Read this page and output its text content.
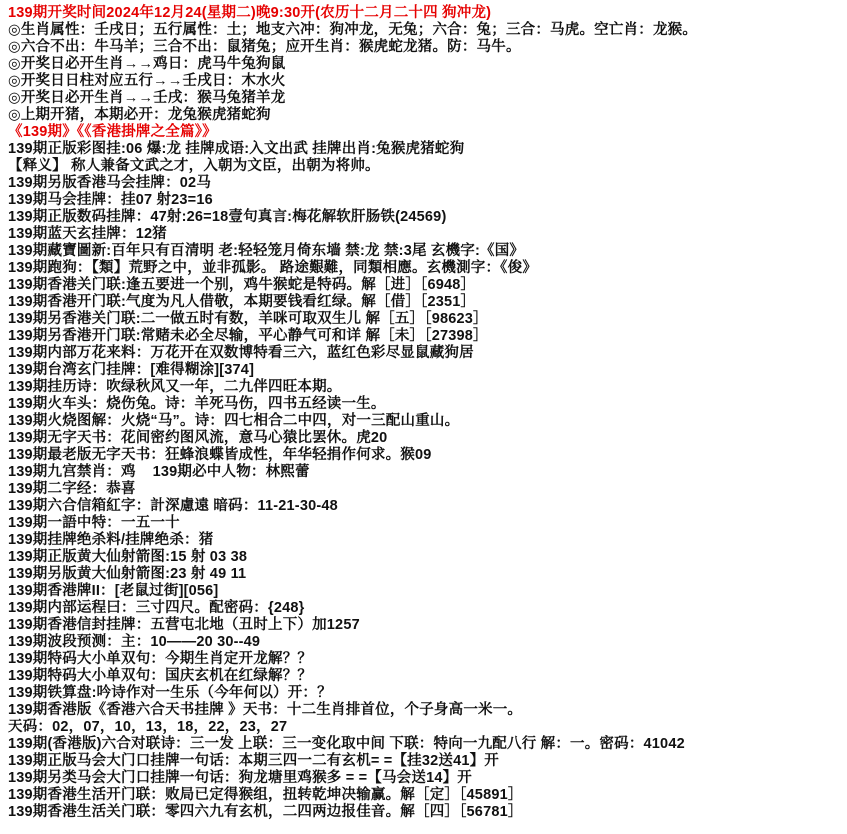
139期开奖时间2024年12月24(星期二)晚9:30开(农历十二月二十四 狗冲龙)
◎生肖属性：壬戌日；五行属性：土；地支六冲：狗冲龙，无兔；六合：兔；三合：马虎。空亡肖：龙猴。
◎六合不出：牛马羊；三合不出：鼠猪兔；应开生肖：猴虎蛇龙猪。防：马牛。
◎开奖日必开生肖→→鸡日：虎马牛兔狗鼠
◎开奖日日柱对应五行→→壬戌日：木水火
◎开奖日必开生肖→→壬戌：猴马兔猪羊龙
◎上期开猪，本期必开：龙兔猴虎猪蛇狗
《139期》《《香港掛牌之全篇》》
139期正版彩图挂:06 爆:龙 挂牌成语:入文出武 挂牌出肖:兔猴虎猪蛇狗
【释义】 称人兼备文武之才，入朝为文臣，出朝为将帅。
139期另版香港马会挂牌：02马
139期马会挂牌：挂07 射23=16
139期正版数码挂牌：47射:26=18壹句真言:梅花解软肝肠铁(24569)
139期蓝天玄挂牌：12猪
139期藏寶圖新:百年只有百清明 老:轻轻笼月倚东墙 禁:龙 禁:3尾 玄機字:《国》
139期跑狗：【類】荒野之中，並非孤影。 路途艱難，同類相應。玄機測字：《俊》
139期香港关门联:逢五要进一个别，鸡牛猴蛇是特码。解［进］［6948］
139期香港开门联:气度为凡人借敬，本期要钱看红绿。解［借］［2351］
139期另香港关门联:二一做五时有数，羊咪可取双生儿 解［五］［98623］
139期另香港开门联:常赌未必全尽输，平心静气可和详 解［未］［27398］
139期内部万花来料：万花开在双数博特看三六，蓝红色彩尽显鼠藏狗居
139期台湾玄门挂牌：[难得糊涂][374]
139期挂历诗：吹绿秋风又一年，二九伴四旺本期。
139期火车头：烧伤兔。诗：羊死马伤，四书五经读一生。
139期火烧图解：火烧“马”。诗：四七相合二中四，对一三配山重山。
139期无字天书：花间密约图风流，意马心猿比罢休。虎20
139期最老版无字天书：狂蜂浪蝶皆成性，年华轻捐作何求。猴09
139期九宫禁肖：鸡    139期必中人物：林熙蕾
139期二字经：恭喜
139期六合信箱紅字：計深慮遠 暗码：11-21-30-48
139期一語中特：一五一十
139期挂牌绝杀料/挂牌绝杀：猪
139期正版黄大仙射箭图:15 射 03 38
139期另版黄大仙射箭图:23 射 49 11
139期香港牌II：[老鼠过街][056]
139期内部运程曰：三寸四尺。配密码：{248}
139期香港信封挂牌：五营屯北地（丑时上下）加1257
139期波段预测：主：10——20 30--49
139期特码大小单双句：今期生肖定开龙解？？
139期特码大小单双句：国庆玄机在红绿解？？
139期铁算盘:吟诗作对一生乐（今年何以）开：？
139期香港版《香港六合天书挂牌 》天书：十二生肖排首位，个子身高一米一。
天码：02，07，10，13，18，22，23，27
139期(香港版)六合对联诗：三一发 上联：三一变化取中间 下联：特向一九配八行 解：一。密码：41042
139期正版马会大门口挂牌一句话：本期三四一二有玄机= =【挂32送41】开
139期另类马会大门口挂牌一句话：狗龙塘里鸡猴多 = =【马会送14】开
139期香港生活开门联：败局已定得猴组，扭转乾坤决输赢。解［定］［45891］
139期香港生活关门联：零四六九有玄机，二四两边报佳音。解［四］［56781］
